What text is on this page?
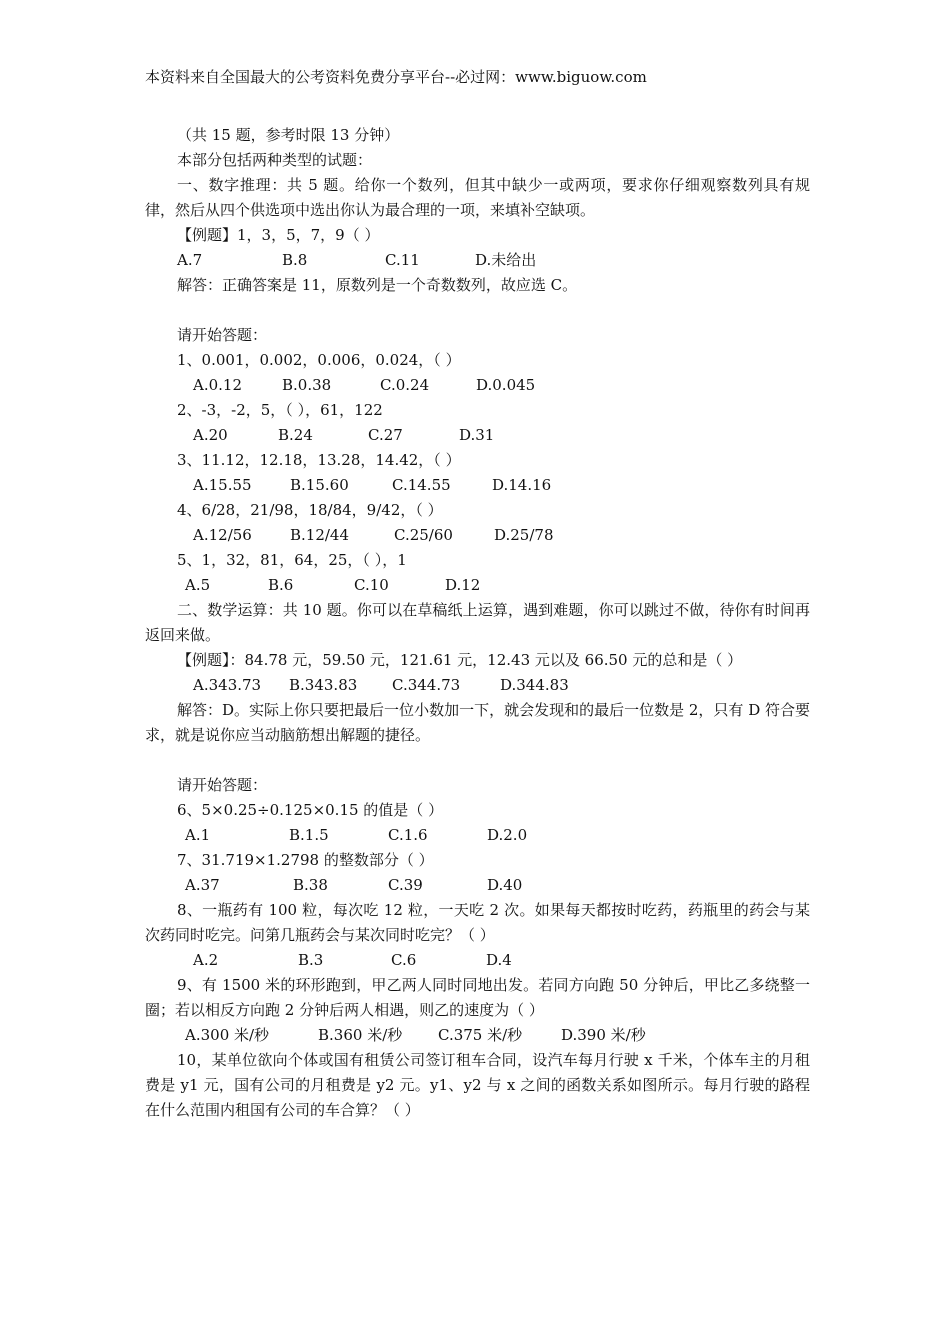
本资料来自全国最大的公考资料免费分享平台--必过网：www.biguow.com
（共 15 题，参考时限 13 分钟）
本部分包括两种类型的试题：
一、数字推理：共 5 题。给你一个数列，但其中缺少一或两项，要求你仔细观察数列具有规律，然后从四个供选项中选出你认为最合理的一项，来填补空缺项。
【例题】1，3，5，7，9（ ）
A.7	B.8	C.11	D.未给出
解答：正确答案是 11，原数列是一个奇数数列，故应选 C。
请开始答题：
1、0.001，0.002，0.006，0.024，（ ）
A.0.12	B.0.38	C.0.24	D.0.045
2、-3，-2，5，（ ），61，122
A.20	B.24	C.27	D.31
3、11.12，12.18，13.28，14.42，（ ）
A.15.55	B.15.60	C.14.55	D.14.16
4、6/28，21/98，18/84，9/42，（ ）
A.12/56	B.12/44	C.25/60	D.25/78
5、1，32，81，64，25，（ ），1
A.5	B.6	C.10	D.12
二、数学运算：共 10 题。你可以在草稿纸上运算，遇到难题，你可以跳过不做，待你有时间再返回来做。
【例题】：84.78 元，59.50 元，121.61 元，12.43 元以及 66.50 元的总和是（ ）
A.343.73 B.343.83 C.344.73	D.344.83
解答：D。实际上你只要把最后一位小数加一下，就会发现和的最后一位数是 2，只有 D 符合要求，就是说你应当动脑筋想出解题的捷径。
请开始答题：
6、5×0.25÷0.125×0.15 的值是（ ）
A.1	B.1.5	C.1.6	D.2.0
7、31.719×1.2798 的整数部分（ ）
A.37	B.38	C.39	D.40
8、一瓶药有 100 粒，每次吃 12 粒，一天吃 2 次。如果每天都按时吃药，药瓶里的药会与某次药同时吃完。问第几瓶药会与某次同时吃完？（ ）
A.2	B.3	C.6	D.4
9、有 1500 米的环形跑到，甲乙两人同时同地出发。若同方向跑 50 分钟后，甲比乙多绕整一圈；若以相反方向跑 2 分钟后两人相遇，则乙的速度为（ ）
A.300 米/秒	B.360 米/秒 C.375 米/秒	D.390 米/秒
10，某单位欲向个体或国有租赁公司签订租车合同，设汽车每月行驶 x 千米，个体车主的月租费是 y1 元，国有公司的月租费是 y2 元。y1、y2 与 x 之间的函数关系如图所示。每月行驶的路程在什么范围内租国有公司的车合算？（ ）
